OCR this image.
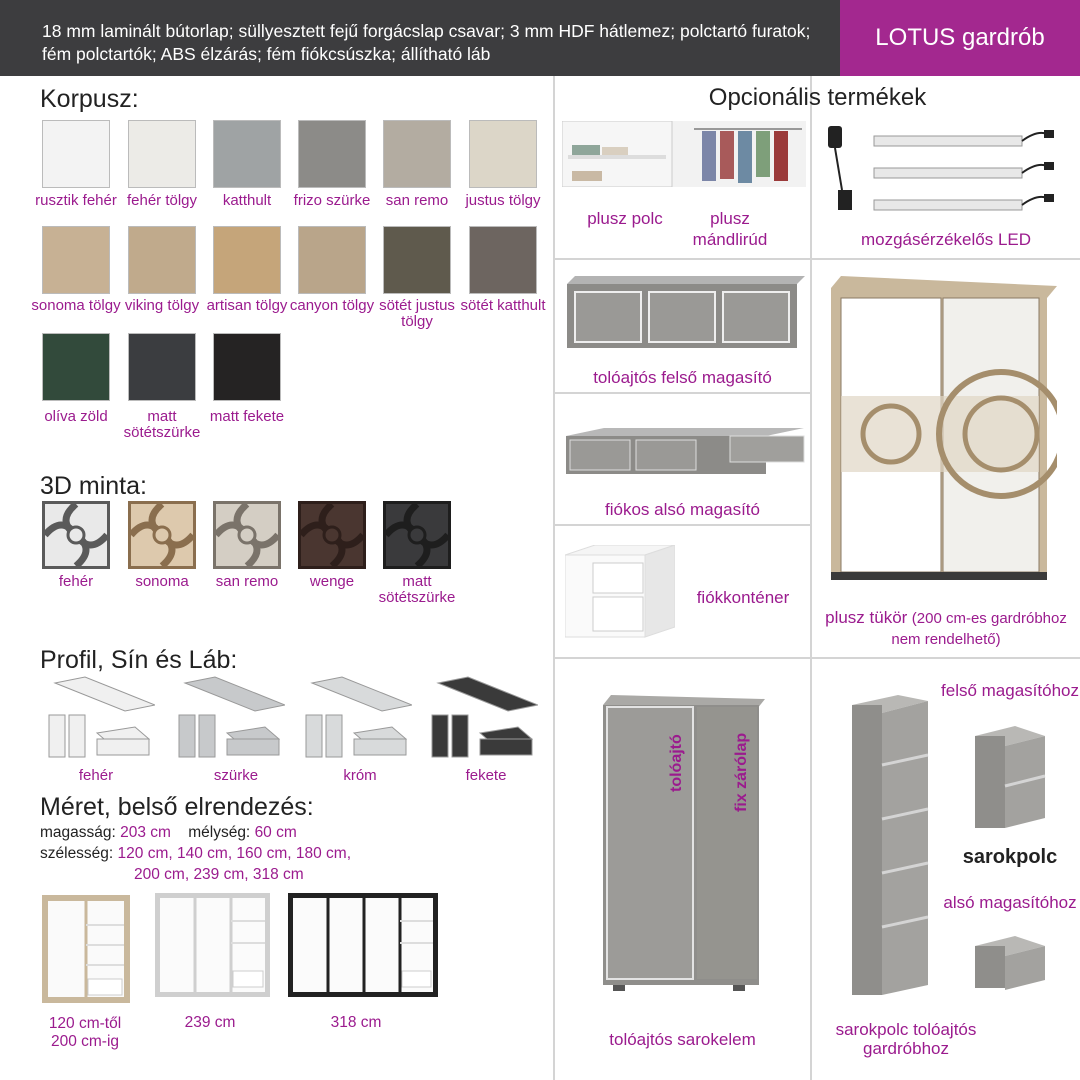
18 mm laminált bútorlap; süllyesztett fejű forgácslap csavar; 3 mm HDF hátlemez; polctartó furatok; fém polctartók; ABS élzárás; fém fiókcsúszka; állítható láb
LOTUS gardrób
Korpusz:
rusztik fehér fehér tölgy	katthult	frizo szürke	san remo	justus tölgy
sonoma tölgy viking tölgy artisan tölgy canyon tölgy sötét justus tölgy
sötét katthult
olíva zöld	matt sötétszürke
matt fekete
3D minta:
fehér	sonoma	san remo	wenge	matt sötétszürke
Profil, Sín és Láb:
fehér	szürke	króm	fekete
Méret, belső elrendezés:
magasság: 203 cm mélység: 60 cm
szélesség: 120 cm, 140 cm, 160 cm, 180 cm,
200 cm, 239 cm, 318 cm
120 cm-től
200 cm-ig
239 cm	318 cm
Opcionális termékek
plusz polc	plusz mándlirúd	mozgásérzékelős LED
tolóajtós felső magasító
fiókos alsó magasító
fiókkonténer
plusz tükör (200 cm-es gardróbhoz nem rendelhető)
tolóajtó	fix zárólap
tolóajtós sarokelem
felső magasítóhoz
sarokpolc
alsó magasítóhoz
sarokpolc tolóajtós gardróbhoz
